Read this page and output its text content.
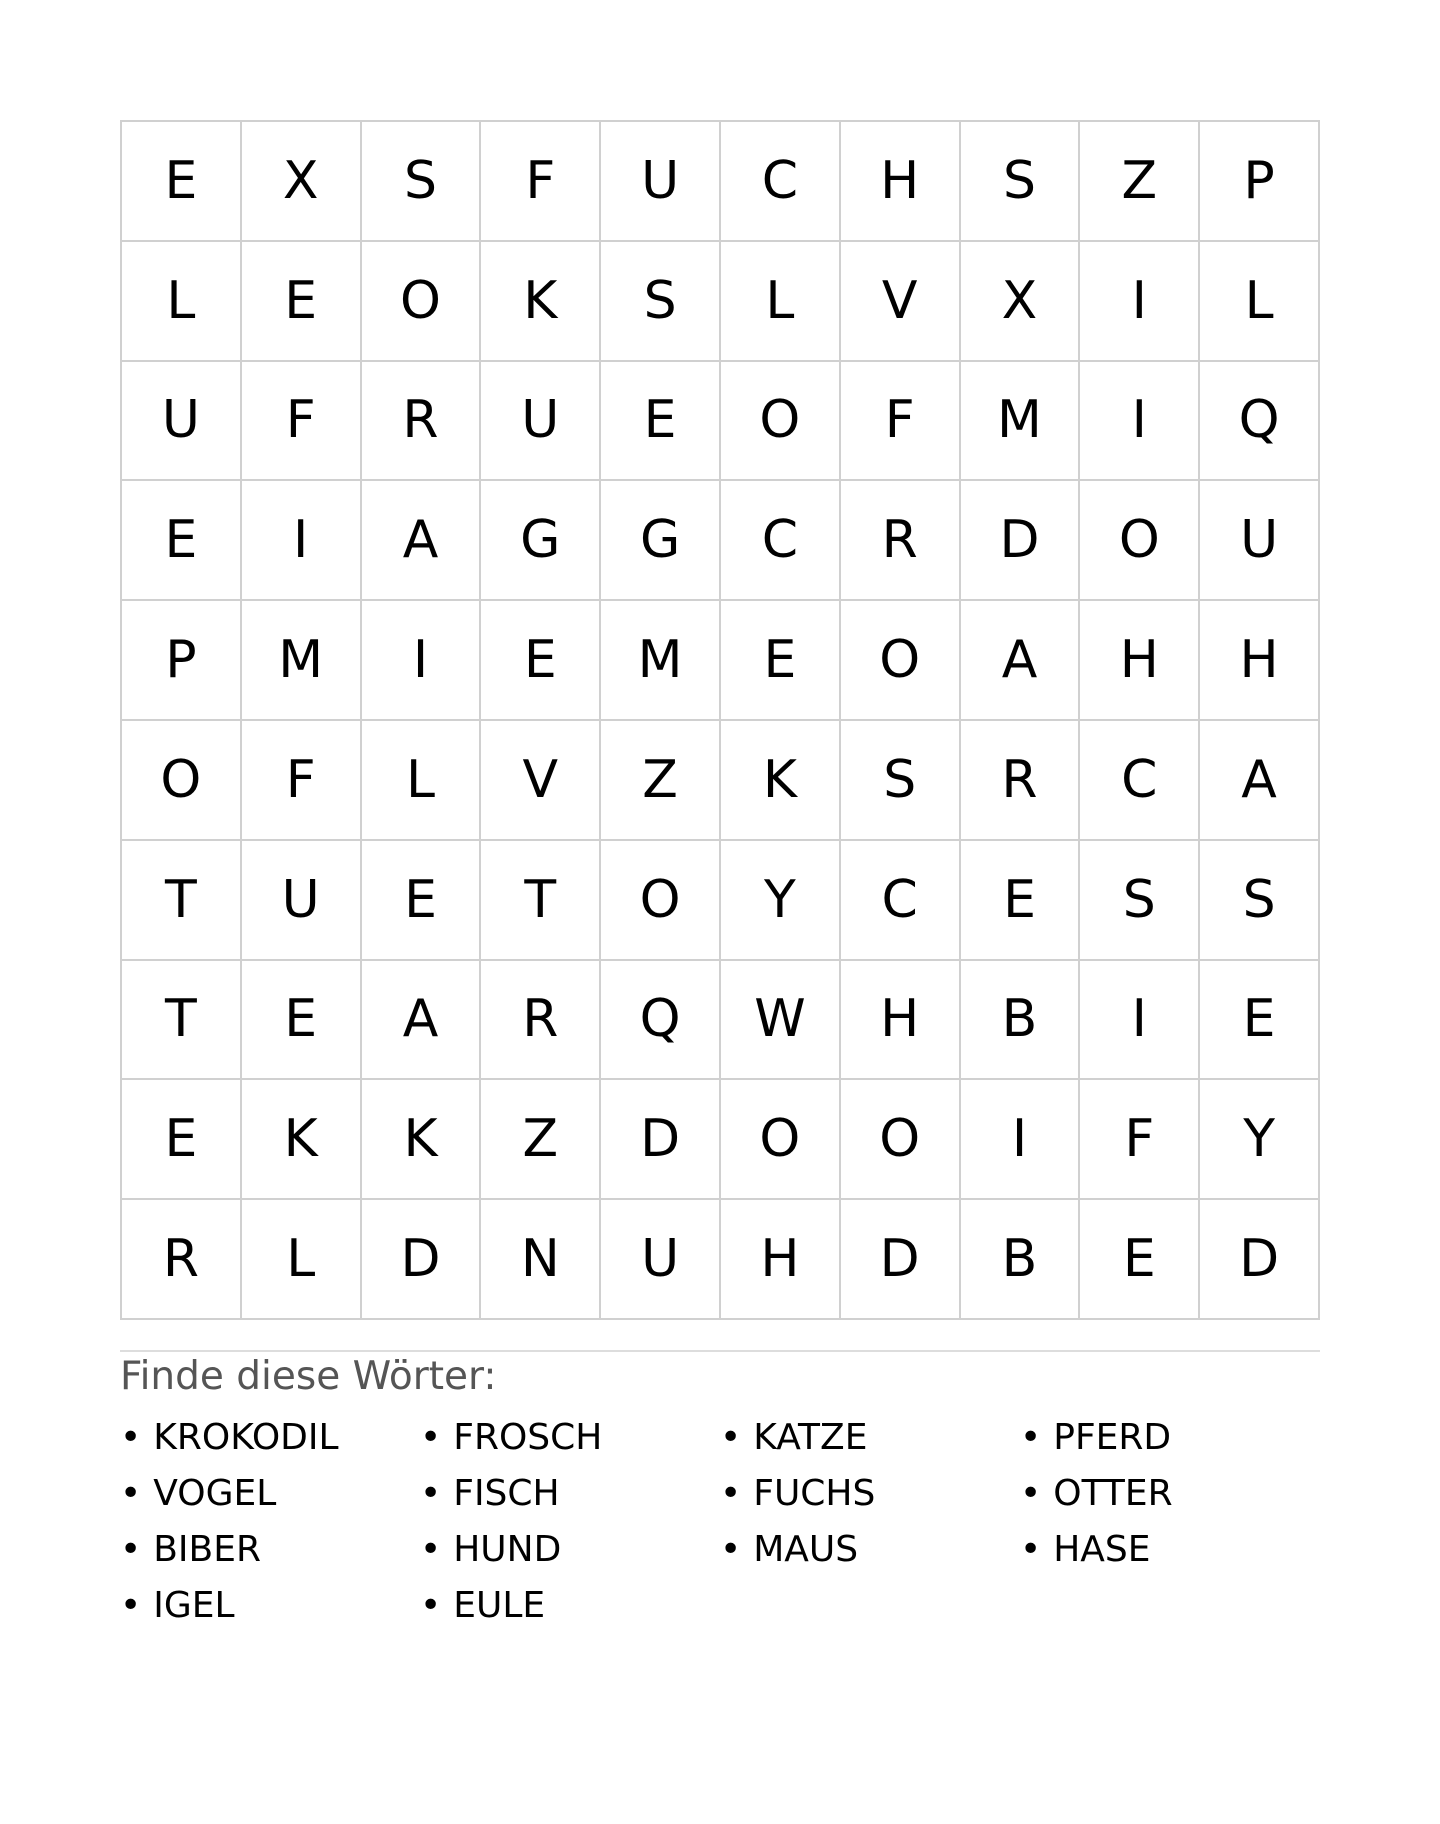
E	X	S	F	U	C	H	S	Z	P
L	E	O	K	S	L	V	X	I	L
U	F	R	U	E	O	F	M	I	Q
E	I	A	G	G	C	R	D	O	U
P	M	I	E	M	E	O	A	H	H
O	F	L	V	Z	K	S	R	C	A
T	U	E	T	O	Y	C	E	S	S
T	E	A	R	Q	W	H	B	I	E
E	K	K	Z	D	O	O	I	F	Y
R	L	D	N	U	H	D	B	E	D
Finde diese Wörter:
• KROKODIL	• FROSCH	• KATZE	• PFERD
• VOGEL	• FISCH	• FUCHS	• OTTER
• BIBER	• HUND	• MAUS	• HASE
• IGEL	• EULE
